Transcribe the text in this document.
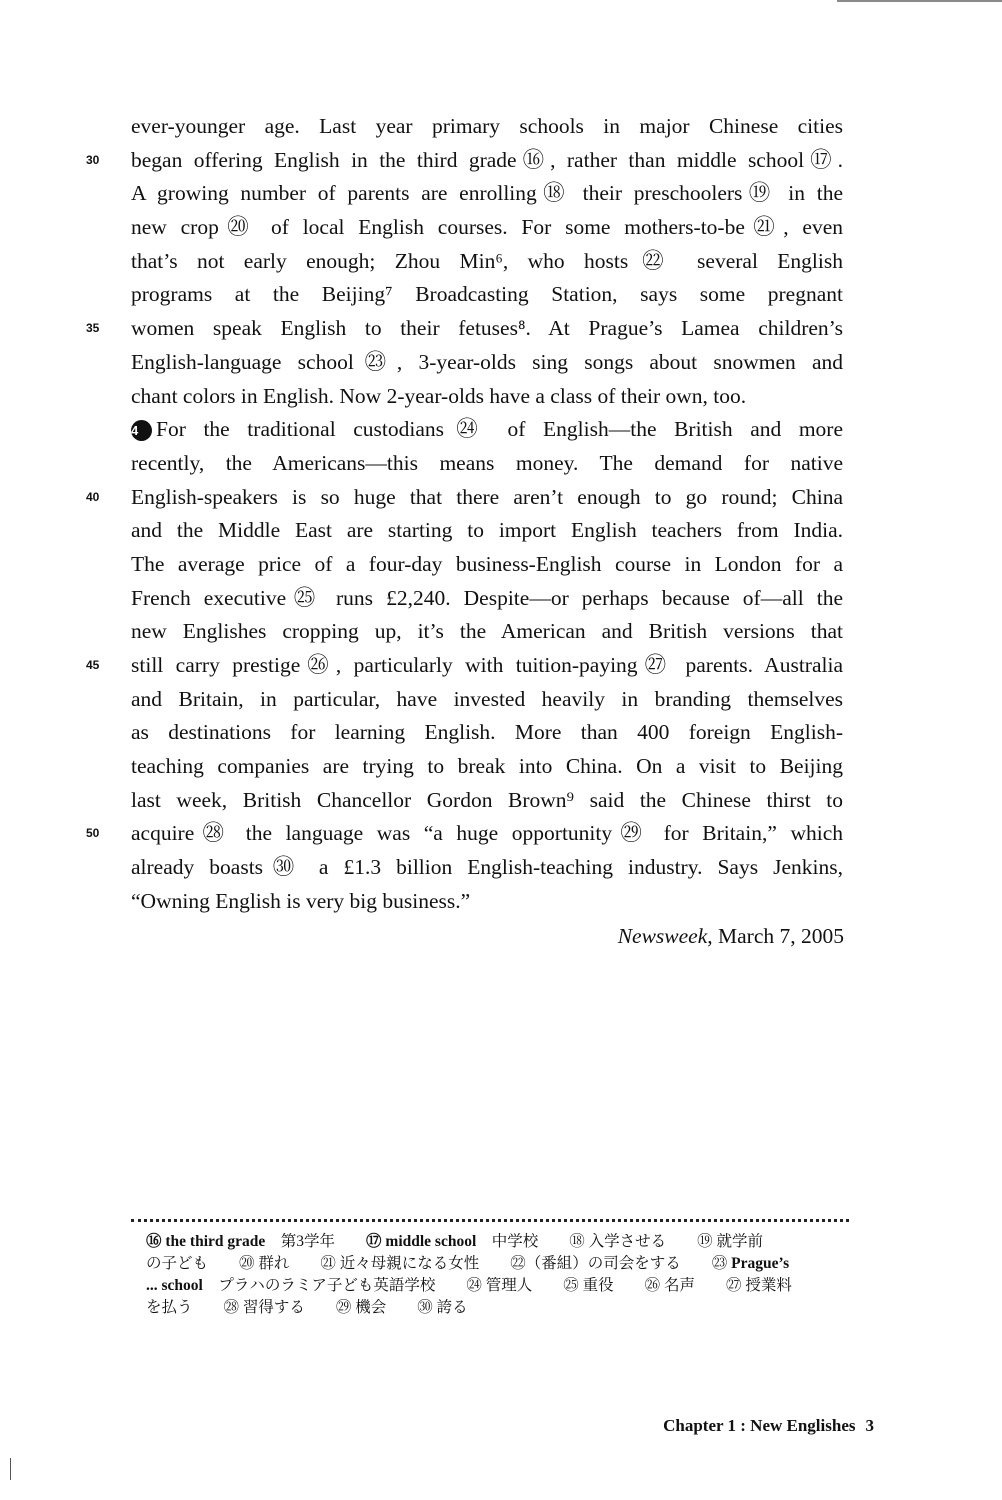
ever-younger age. Last year primary schools in major Chinese cities
30	began offering English in the third grade⑯, rather than middle school⑰.
A growing number of parents are enrolling⑱ their preschoolers⑲ in the
new crop⑳ of local English courses. For some mothers-to-be㉑, even
that’s not early enough; Zhou Min⁶, who hosts㉒ several English
programs at the Beijing⁷ Broadcasting Station, says some pregnant
35	women speak English to their fetuses⁸. At Prague’s Lamea children’s
English-language school㉓, 3-year-olds sing songs about snowmen and
chant colors in English. Now 2-year-olds have a class of their own, too.
4 For the traditional custodians㉔ of English—the British and more
recently, the Americans—this means money. The demand for native
40	English-speakers is so huge that there aren’t enough to go round; China
and the Middle East are starting to import English teachers from India.
The average price of a four-day business-English course in London for a
French executive㉕ runs £2,240. Despite—or perhaps because of—all the
new Englishes cropping up, it’s the American and British versions that
45	still carry prestige㉖, particularly with tuition-paying㉗ parents. Australia
and Britain, in particular, have invested heavily in branding themselves
as destinations for learning English. More than 400 foreign English-
teaching companies are trying to break into China. On a visit to Beijing
last week, British Chancellor Gordon Brown⁹ said the Chinese thirst to
50	acquire㉘ the language was “a huge opportunity㉙ for Britain,” which
already boasts㉚ a £1.3 billion English-teaching industry. Says Jenkins,
“Owning English is very big business.”
Newsweek, March 7, 2005
⑯ the third grade　第3学年　　⑰ middle school　中学校　　⑱ 入学させる　　⑲ 就学前
の子ども　　⑳ 群れ　　㉑ 近々母親になる女性　　㉒（番組）の司会をする　　㉓ Prague’s
... school　プラハのラミア子ども英語学校　　㉔ 管理人　　㉕ 重役　　㉖ 名声　　㉗ 授業料
を払う　　㉘ 習得する　　㉙ 機会　　㉚ 誇る
Chapter 1 : New Englishes 3
